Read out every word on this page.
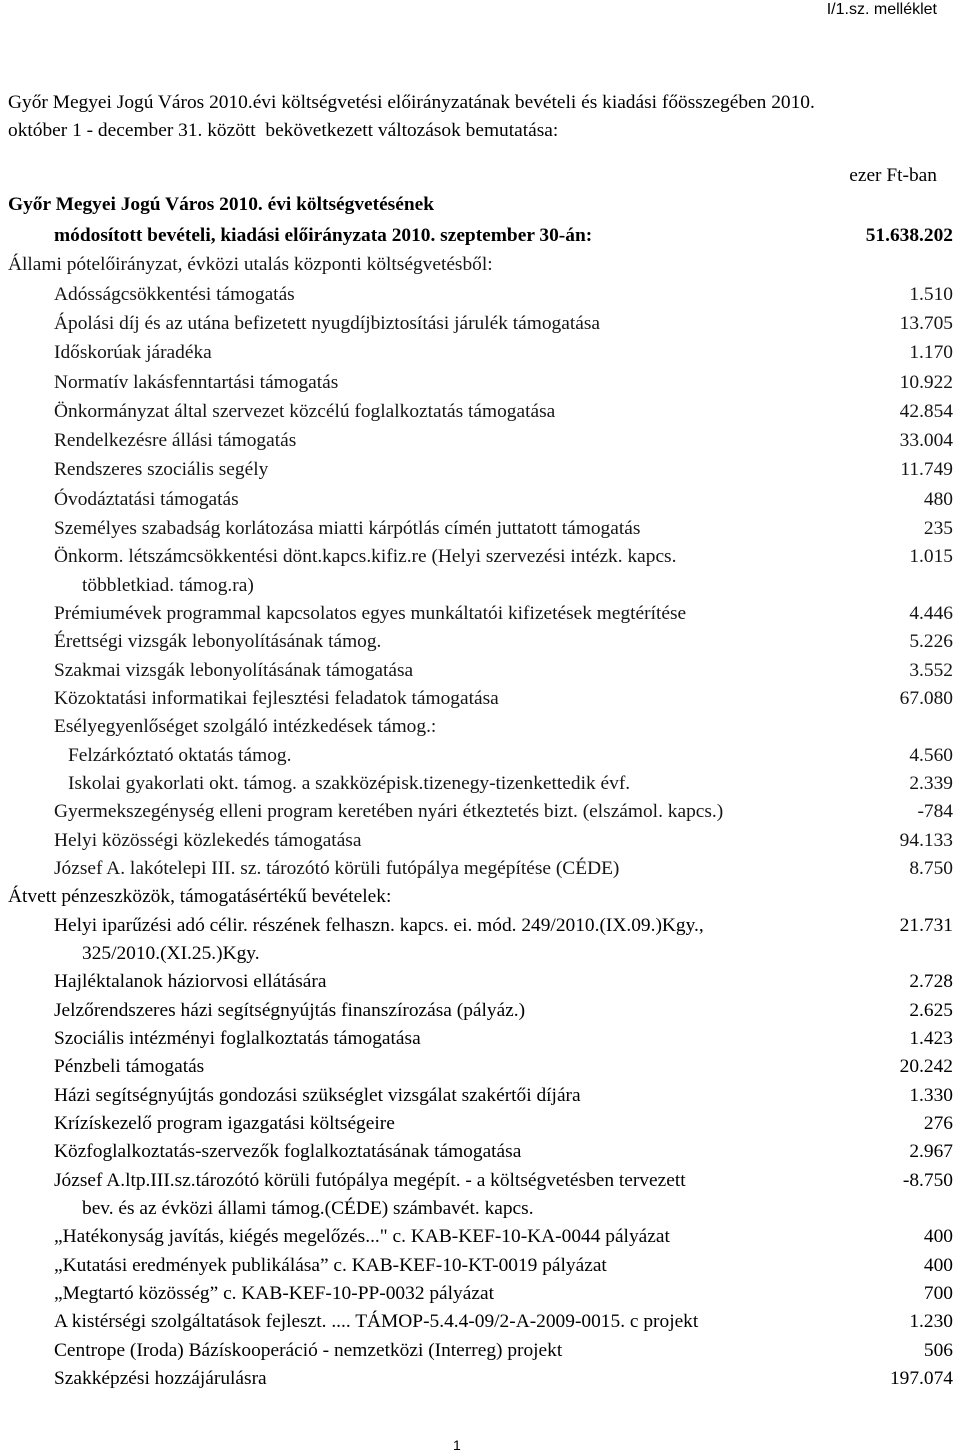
I/1.sz. melléklet
Győr Megyei Jogú Város 2010.évi költségvetési előirányzatának bevételi és kiadási főösszegében 2010.
október 1 - december 31. között  bekövetkezett változások bemutatása:
ezer Ft-ban
Győr Megyei Jogú Város 2010. évi költségvetésének
módosított bevételi, kiadási előirányzata 2010. szeptember 30-án:	51.638.202
Állami pótelőirányzat, évközi utalás központi költségvetésből:
Adósságcsökkentési támogatás	1.510
Ápolási díj és az utána befizetett nyugdíjbiztosítási járulék támogatása	13.705
Időskorúak járadéka	1.170
Normatív lakásfenntartási támogatás	10.922
Önkormányzat által szervezet közcélú foglalkoztatás támogatása	42.854
Rendelkezésre állási támogatás	33.004
Rendszeres szociális segély	11.749
Óvodáztatási támogatás	480
Személyes szabadság korlátozása miatti kárpótlás címén juttatott támogatás	235
Önkorm. létszámcsökkentési dönt.kapcs.kifiz.re (Helyi szervezési intézk. kapcs.	1.015
többletkiad. támog.ra)
Prémiumévek programmal kapcsolatos egyes munkáltatói kifizetések megtérítése	4.446
Érettségi vizsgák lebonyolításának támog.	5.226
Szakmai vizsgák lebonyolításának támogatása	3.552
Közoktatási informatikai fejlesztési feladatok támogatása	67.080
Esélyegyenlőséget szolgáló intézkedések támog.:
Felzárkóztató oktatás támog.	4.560
Iskolai gyakorlati okt. támog. a szakközépisk.tizenegy-tizenkettedik évf.	2.339
Gyermekszegénység elleni program keretében nyári étkeztetés bizt. (elszámol. kapcs.)	-784
Helyi közösségi közlekedés támogatása	94.133
József A. lakótelepi III. sz. tározótó körüli futópálya megépítése (CÉDE)	8.750
Átvett pénzeszközök, támogatásértékű bevételek:
Helyi iparűzési adó célir. részének felhaszn. kapcs. ei. mód. 249/2010.(IX.09.)Kgy.,	21.731
325/2010.(XI.25.)Kgy.
Hajléktalanok háziorvosi ellátására	2.728
Jelzőrendszeres házi segítségnyújtás finanszírozása (pályáz.)	2.625
Szociális intézményi foglalkoztatás támogatása	1.423
Pénzbeli támogatás	20.242
Házi segítségnyújtás gondozási szükséglet vizsgálat szakértői díjára	1.330
Krízískezelő program igazgatási költségeire	276
Közfoglalkoztatás-szervezők foglalkoztatásának támogatása	2.967
József A.ltp.III.sz.tározótó körüli futópálya megépít. - a költségvetésben tervezett	-8.750
bev. és az évközi állami támog.(CÉDE) számbavét. kapcs.
„Hatékonyság javítás, kiégés megelőzés..." c. KAB-KEF-10-KA-0044 pályázat	400
„Kutatási eredmények publikálása” c. KAB-KEF-10-KT-0019 pályázat	400
„Megtartó közösség” c. KAB-KEF-10-PP-0032 pályázat	700
A kistérségi szolgáltatások fejleszt. .... TÁMOP-5.4.4-09/2-A-2009-0015. c projekt	1.230
Centrope (Iroda) Bázískooperáció - nemzetközi (Interreg) projekt	506
Szakképzési hozzájárulásra	197.074
1
